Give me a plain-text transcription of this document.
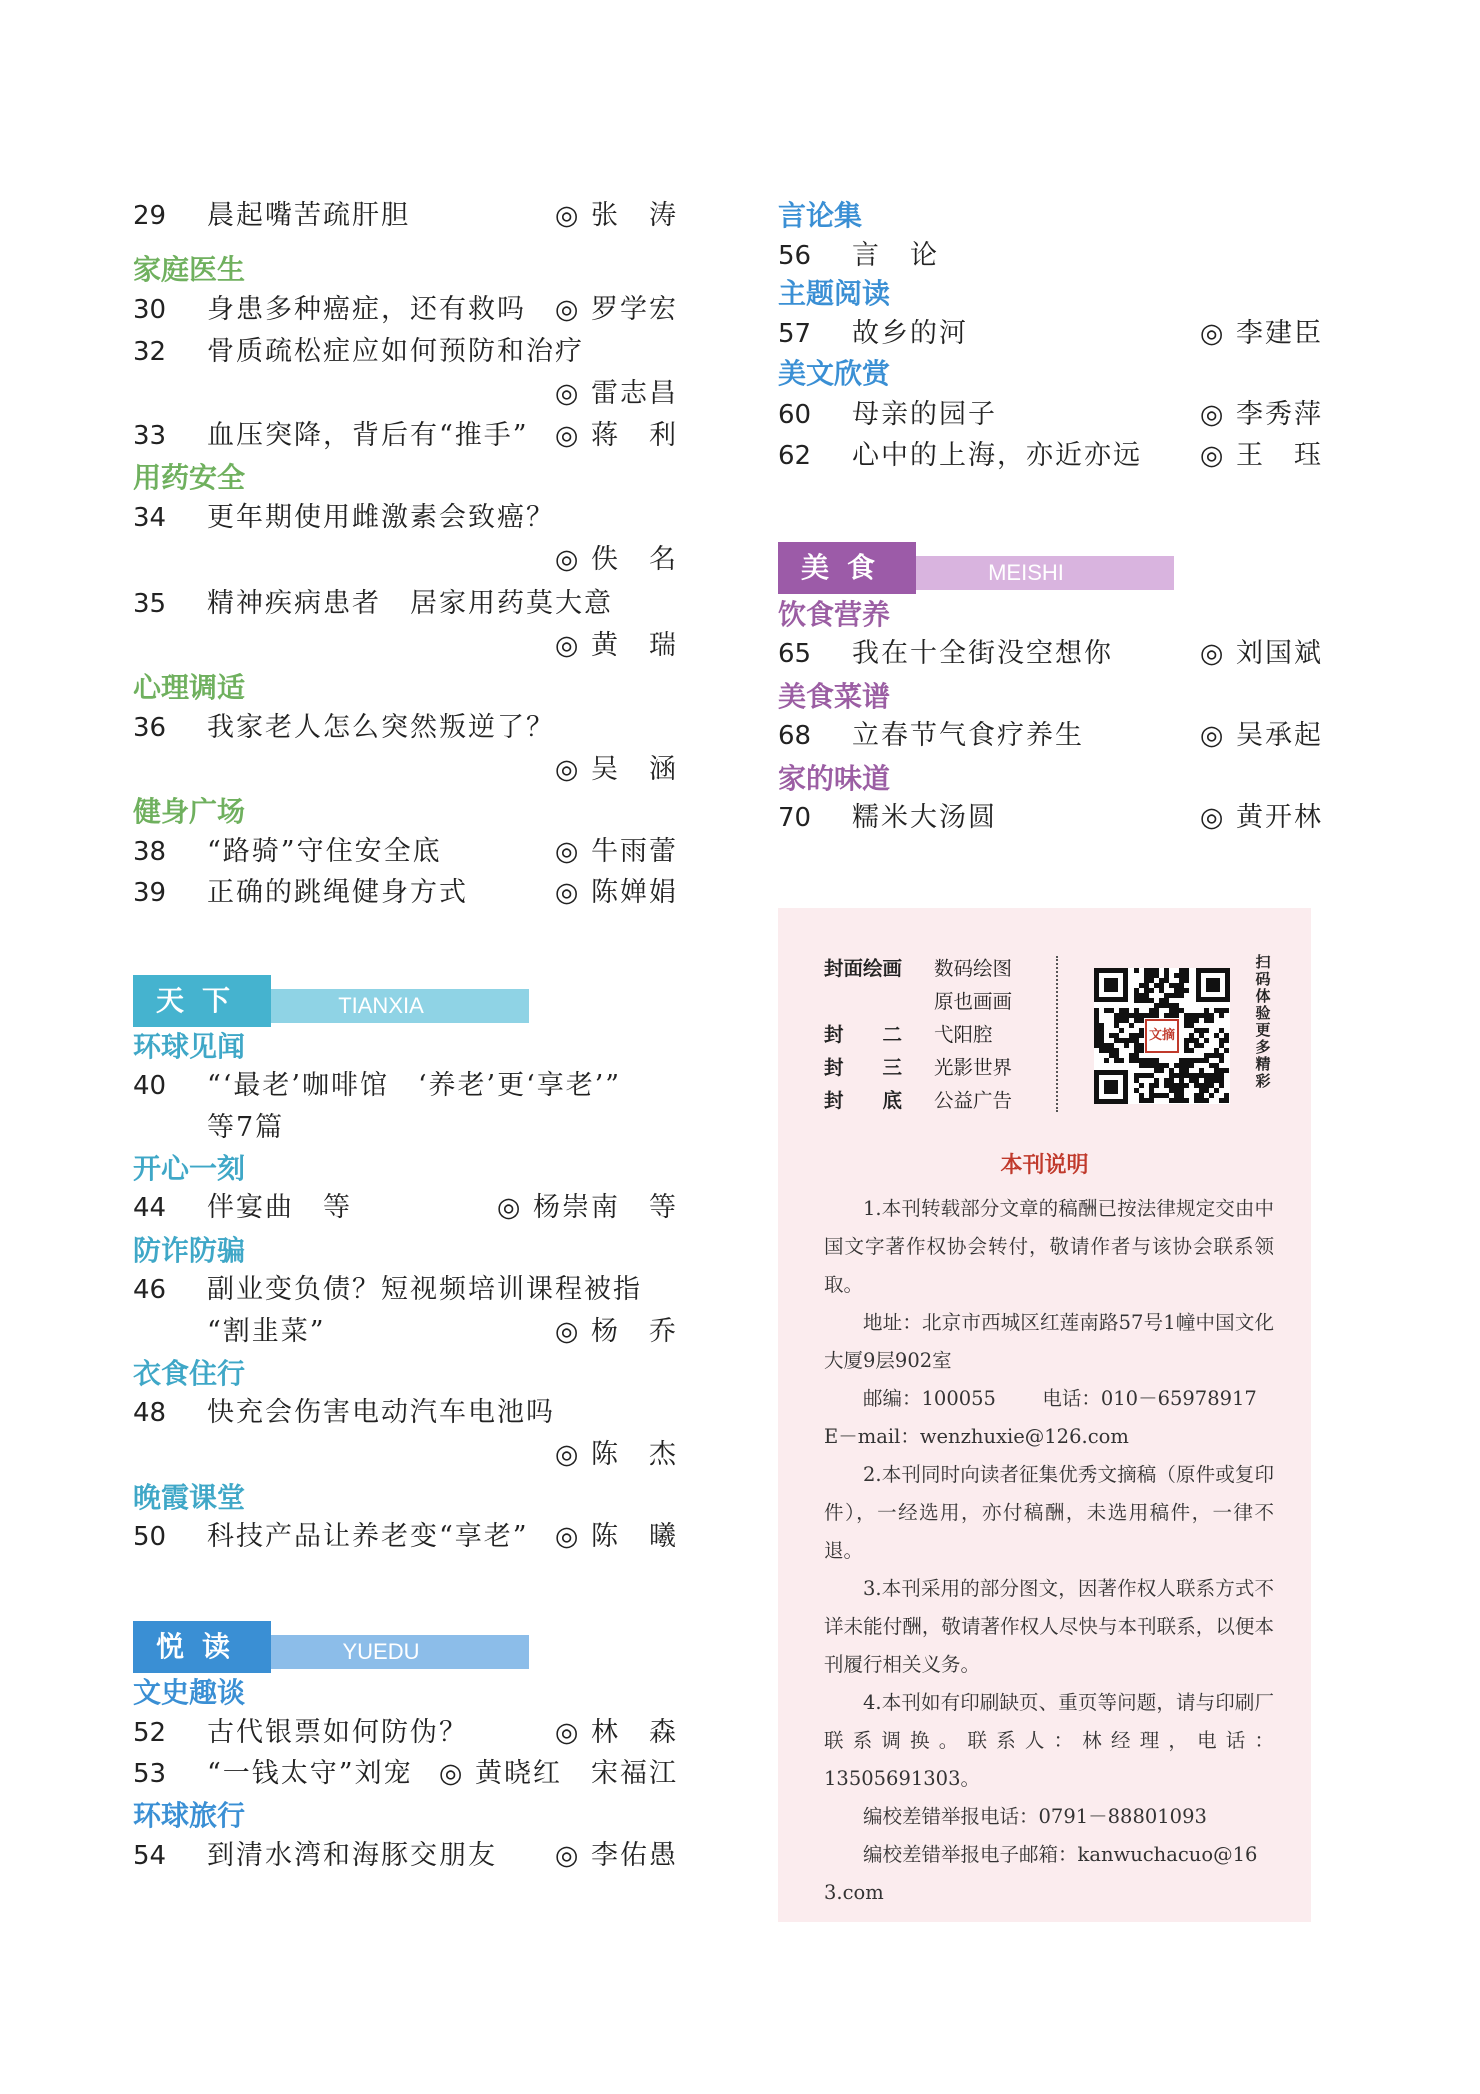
29 晨起嘴苦疏肝胆	◎ 张　涛
家庭医生
30 身患多种癌症，还有救吗 ◎ 罗学宏
32 骨质疏松症应如何预防和治疗
◎ 雷志昌
33 血压突降，背后有“推手” ◎ 蒋　利
用药安全
34 更年期使用雌激素会致癌？
◎ 佚　名
35 精神疾病患者　居家用药莫大意
◎ 黄　瑞
心理调适
36 我家老人怎么突然叛逆了？
◎ 吴　涵
健身广场
38 “路骑”守住安全底	◎ 牛雨蕾
39 正确的跳绳健身方式	◎ 陈婵娟
TIANXIA
天下
环球见闻
40 “‘最老’咖啡馆　‘养老’更‘享老’”
等7篇
开心一刻
44 伴宴曲　等	◎ 杨崇南　等
防诈防骗
46 副业变负债？短视频培训课程被指
“割韭菜”	◎ 杨　乔
衣食住行
48 快充会伤害电动汽车电池吗
◎ 陈　杰
晚霞课堂
50 科技产品让养老变“享老” ◎ 陈　曦
YUEDU
悦读
文史趣谈
52 古代银票如何防伪？	◎ 林　森
53 “一钱太守”刘宠 ◎ 黄晓红　宋福江
环球旅行
54 到清水湾和海豚交朋友 ◎ 李佑愚
言论集
56 言　论
主题阅读
57 故乡的河	◎ 李建臣
美文欣赏
60 母亲的园子	◎ 李秀萍
62 心中的上海，亦近亦远 ◎ 王　珏
MEISHI
美食
饮食营养
65 我在十全街没空想你	◎ 刘国斌
美食菜谱
68 立春节气食疗养生	◎ 吴承起
家的味道
70 糯米大汤圆	◎ 黄开林
封面绘画 数码绘图
原也画画
封　　二 弋阳腔
封　　三 光影世界
封　　底 公益广告
文摘
扫码体验更多精彩
本刊说明
1.本刊转载部分文章的稿酬已按法律规定交由中国文字著作权协会转付，敬请作者与该协会联系领取。
地址：北京市西城区红莲南路57号1幢中国文化大厦9层902室
邮编：100055 电话：010－65978917
E－mail：wenzhuxie@126.com
2.本刊同时向读者征集优秀文摘稿（原件或复印件），一经选用，亦付稿酬，未选用稿件，一律不退。
3.本刊采用的部分图文，因著作权人联系方式不详未能付酬，敬请著作权人尽快与本刊联系，以便本刊履行相关义务。
4.本刊如有印刷缺页、重页等问题，请与印刷厂联系调换。联系人：林经理，电话：13505691303。
编校差错举报电话：0791－88801093
编校差错举报电子邮箱：kanwuchacuo@163.com
